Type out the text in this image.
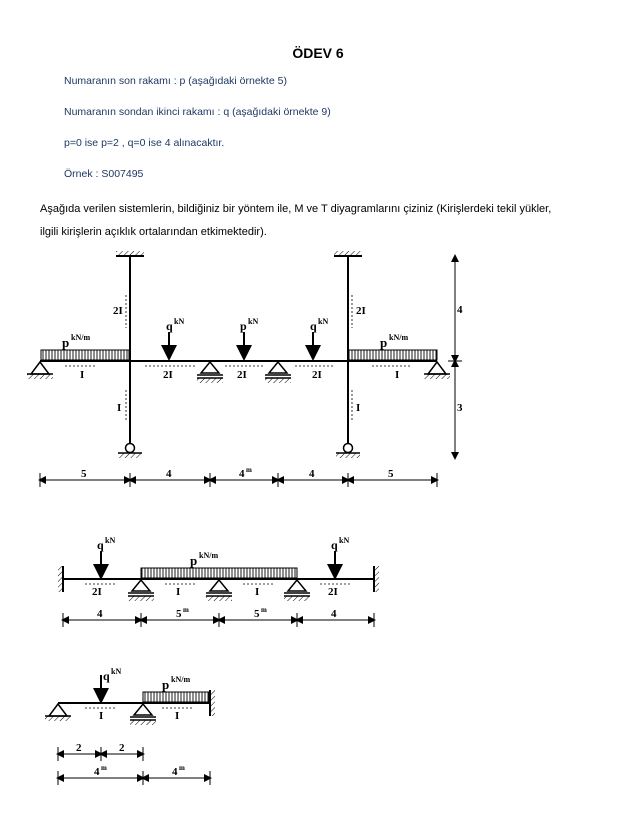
ÖDEV 6
Numaranın son rakamı : p (aşağıdaki örnekte 5)
Numaranın sondan ikinci rakamı : q (aşağıdaki örnekte 9)
p=0 ise p=2 , q=0 ise 4 alınacaktır.
Örnek : S007495
Aşağıda verilen sistemlerin, bildiğiniz bir yöntem ile, M ve T diyagramlarını çiziniz (Kirişlerdeki tekil yükler,
ilgili kirişlerin açıklık ortalarından etkimektedir).
p kN/m	p kN/m
q kN	p kN	q kN
I	2I	2I	2I	I
2I	2I
I	I
4
3
5	4	4 m	4	5
p kN/m
q kN	q kN
2I	I	I	2I
4	5 m	5 m	4
p kN/m
q kN
I	I
2	2
4 m	4 m
